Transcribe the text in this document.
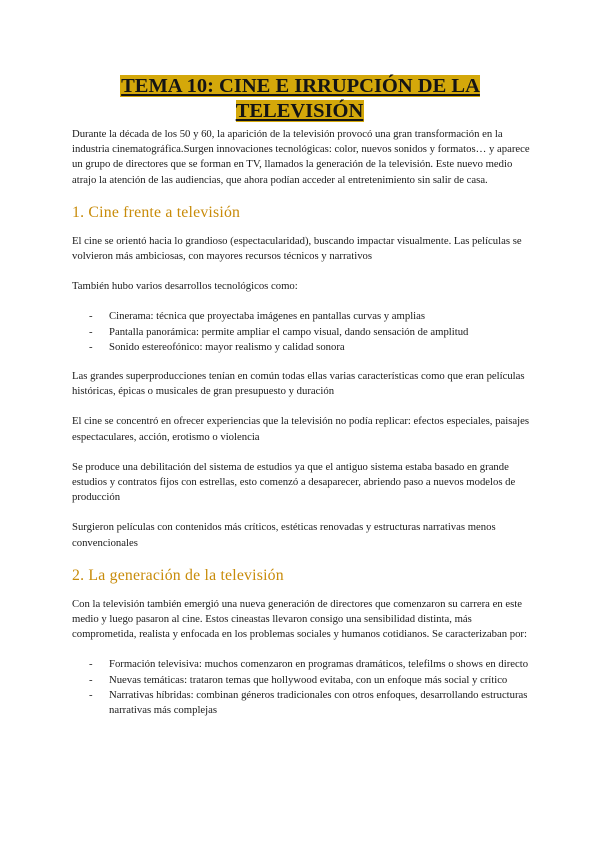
TEMA 10: CINE E IRRUPCIÓN DE LA TELEVISIÓN

Durante la década de los 50 y 60, la aparición de la televisión provocó una gran transformación en la industria cinematográfica.Surgen innovaciones tecnológicas: color, nuevos sonidos y formatos… y aparece un grupo de directores que se forman en TV, llamados la generación de la televisión. Este nuevo medio atrajo la atención de las audiencias, que ahora podían acceder al entretenimiento sin salir de casa.

1. Cine frente a televisión

El cine se orientó hacia lo grandioso (espectacularidad), buscando impactar visualmente. Las películas se volvieron más ambiciosas, con mayores recursos técnicos y narrativos

También hubo varios desarrollos tecnológicos como:

- Cinerama: técnica que proyectaba imágenes en pantallas curvas y amplias
- Pantalla panorámica: permite ampliar el campo visual, dando sensación de amplitud
- Sonido estereofónico: mayor realismo y calidad sonora

Las grandes superproducciones tenían en común todas ellas varias características como que eran películas históricas, épicas o musicales de gran presupuesto y duración

El cine se concentró en ofrecer experiencias que la televisión no podía replicar: efectos especiales, paisajes espectaculares, acción, erotismo o violencia

Se produce una debilitación del sistema de estudios ya que el antiguo sistema estaba basado en grande estudios y contratos fijos con estrellas, esto comenzó a desaparecer, abriendo paso a nuevos modelos de producción

Surgieron películas con contenidos más críticos, estéticas renovadas y estructuras narrativas menos convencionales

2. La generación de la televisión

Con la televisión también emergió una nueva generación de directores que comenzaron su carrera en este medio y luego pasaron al cine. Estos cineastas llevaron consigo una sensibilidad distinta, más comprometida, realista y enfocada en los problemas sociales y humanos cotidianos. Se caracterizaban por:

- Formación televisiva: muchos comenzaron en programas dramáticos, telefilms o shows en directo
- Nuevas temáticas: trataron temas que hollywood evitaba, con un enfoque más social y crítico
- Narrativas híbridas: combinan géneros tradicionales con otros enfoques, desarrollando estructuras narrativas más complejas
